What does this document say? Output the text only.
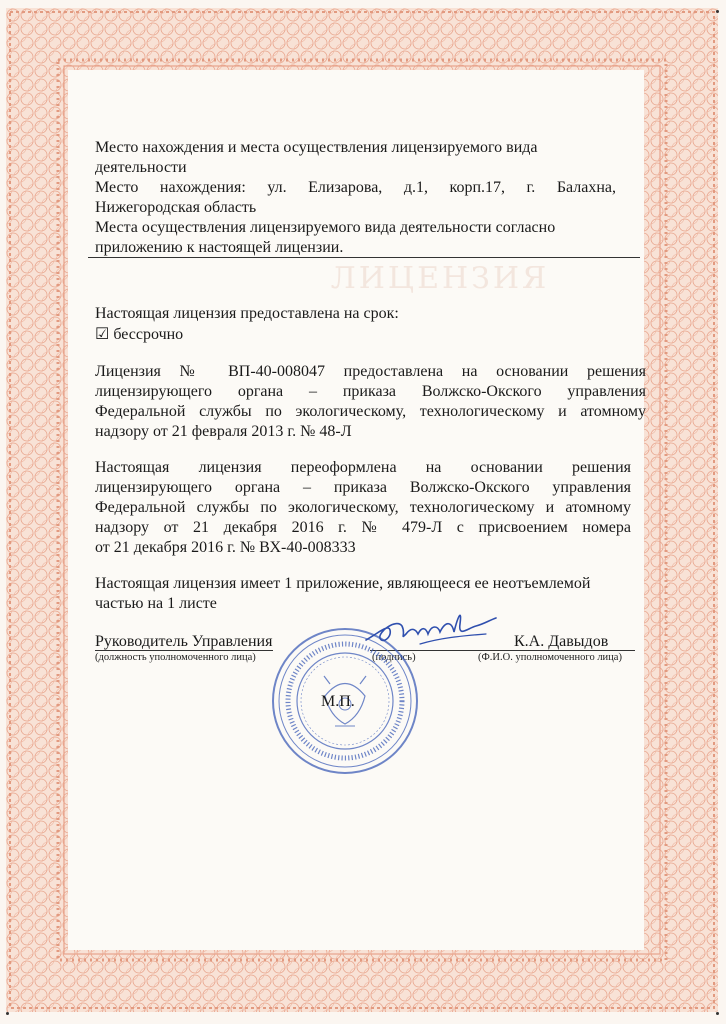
ЛИЦЕНЗИЯ
Место нахождения и места осуществления лицензируемого вида
деятельности
Место нахождения: ул. Елизарова, д.1, корп.17, г. Балахна,
Нижегородская область
Места осуществления лицензируемого вида деятельности согласно
приложению к настоящей лицензии.
Настоящая лицензия предоставлена на срок:
☑ бессрочно
Лицензия № ВП-40-008047 предоставлена на основании решения
лицензирующего органа – приказа Волжско-Окского управления
Федеральной службы по экологическому, технологическому и атомному
надзору от 21 февраля 2013 г. № 48-Л
Настоящая лицензия переоформлена на основании решения
лицензирующего органа – приказа Волжско-Окского управления
Федеральной службы по экологическому, технологическому и атомному
надзору от 21 декабря 2016 г. № 479-Л с присвоением номера
от 21 декабря 2016 г. № ВХ-40-008333
Настоящая лицензия имеет 1 приложение, являющееся ее неотъемлемой
частью на 1 листе
Руководитель Управления	К.А. Давыдов
(должность уполномоченного лица)	(подпись)	(Ф.И.О. уполномоченного лица)
М.П.
